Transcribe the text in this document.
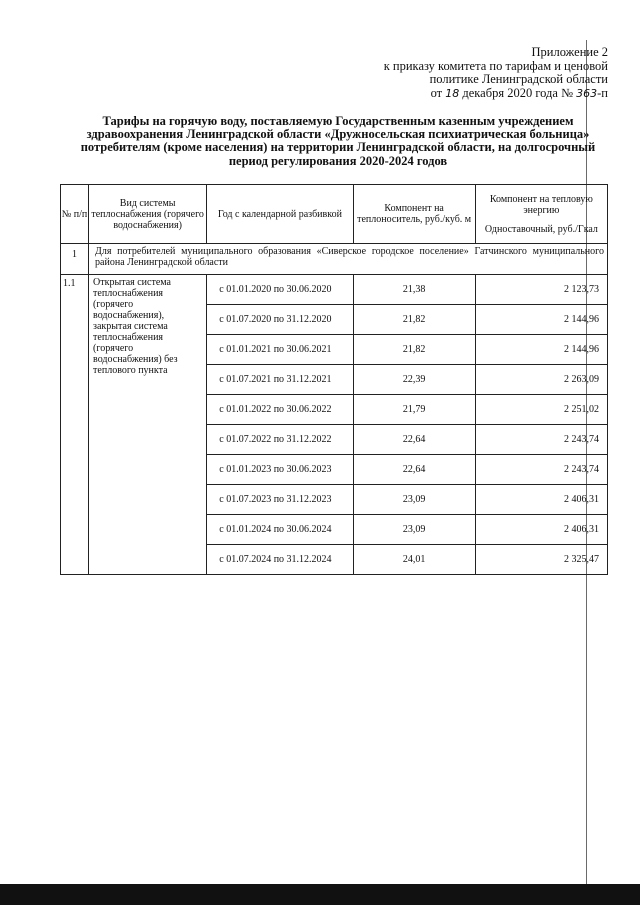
Приложение 2
к приказу комитета по тарифам и ценовой
политике Ленинградской области
от 18 декабря 2020 года № 363-п
Тарифы на горячую воду, поставляемую Государственным казенным учреждением здравоохранения Ленинградской области «Дружносельская психиатрическая больница» потребителям (кроме населения) на территории Ленинградской области, на долгосрочный период регулирования 2020-2024 годов
№ п/п	Вид системы теплоснабжения (горячего водоснабжения)	Год с календарной разбивкой	Компонент на теплоноситель, руб./куб. м	Компонент на тепловую энергию
Одноставочный, руб./Гкал

1	Для потребителей муниципального образования «Сиверское городское поселение» Гатчинского муниципального района Ленинградской области			
1.1	Открытая система теплоснабжения (горячего водоснабжения), закрытая система теплоснабжения (горячего водоснабжения) без теплового пункта	с 01.01.2020 по 30.06.2020	21,38	2 123,73
		с 01.07.2020 по 31.12.2020	21,82	2 144,96
		с 01.01.2021 по 30.06.2021	21,82	2 144,96
		с 01.07.2021 по 31.12.2021	22,39	2 263,09
		с 01.01.2022 по 30.06.2022	21,79	2 251,02
		с 01.07.2022 по 31.12.2022	22,64	2 243,74
		с 01.01.2023 по 30.06.2023	22,64	2 243,74
		с 01.07.2023 по 31.12.2023	23,09	2 406,31
		с 01.01.2024 по 30.06.2024	23,09	2 406,31
		с 01.07.2024 по 31.12.2024	24,01	2 325,47
